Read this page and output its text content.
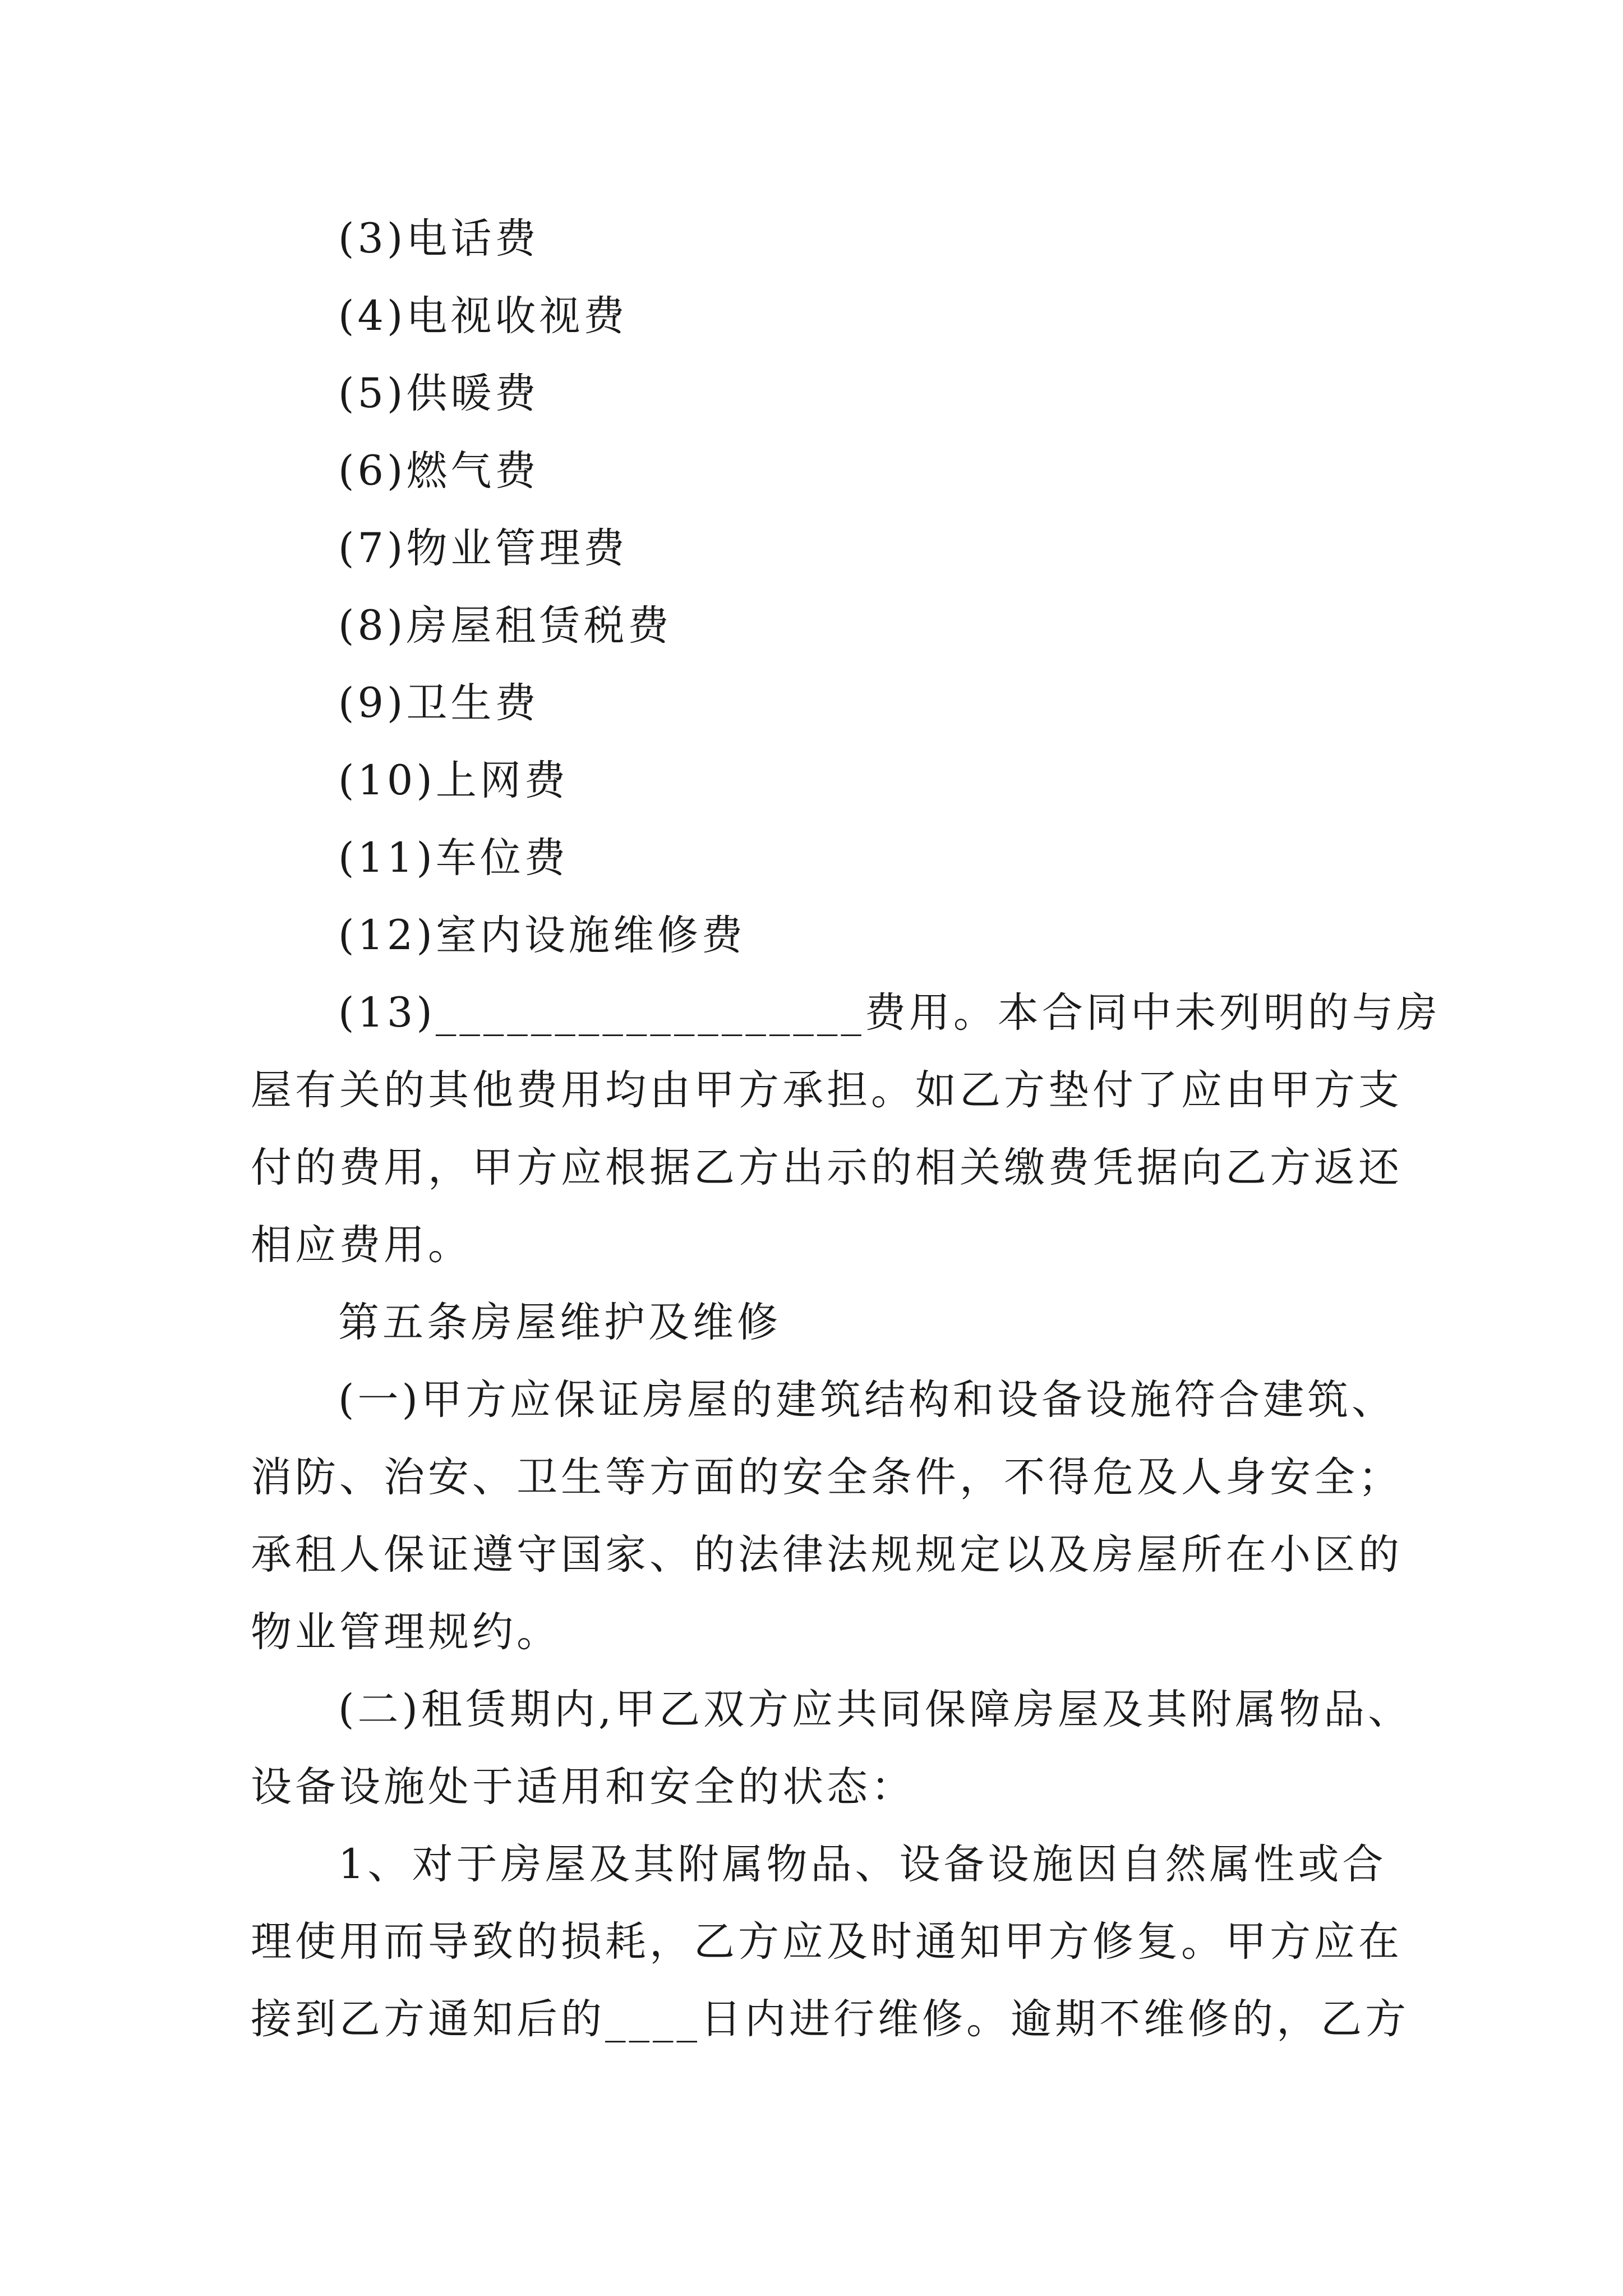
(3)电话费

(4)电视收视费

(5)供暖费

(6)燃气费

(7)物业管理费

(8)房屋租赁税费

(9)卫生费

(10)上网费

(11)车位费

(12)室内设施维修费

(13)__________________费用。本合同中未列明的与房

屋有关的其他费用均由甲方承担。如乙方垫付了应由甲方支

付的费用，甲方应根据乙方出示的相关缴费凭据向乙方返还

相应费用。

第五条房屋维护及维修

(一)甲方应保证房屋的建筑结构和设备设施符合建筑、

消防、治安、卫生等方面的安全条件，不得危及人身安全；

承租人保证遵守国家、的法律法规规定以及房屋所在小区的

物业管理规约。

(二)租赁期内,甲乙双方应共同保障房屋及其附属物品、

设备设施处于适用和安全的状态：

1、对于房屋及其附属物品、设备设施因自然属性或合

理使用而导致的损耗，乙方应及时通知甲方修复。甲方应在

接到乙方通知后的____日内进行维修。逾期不维修的，乙方
